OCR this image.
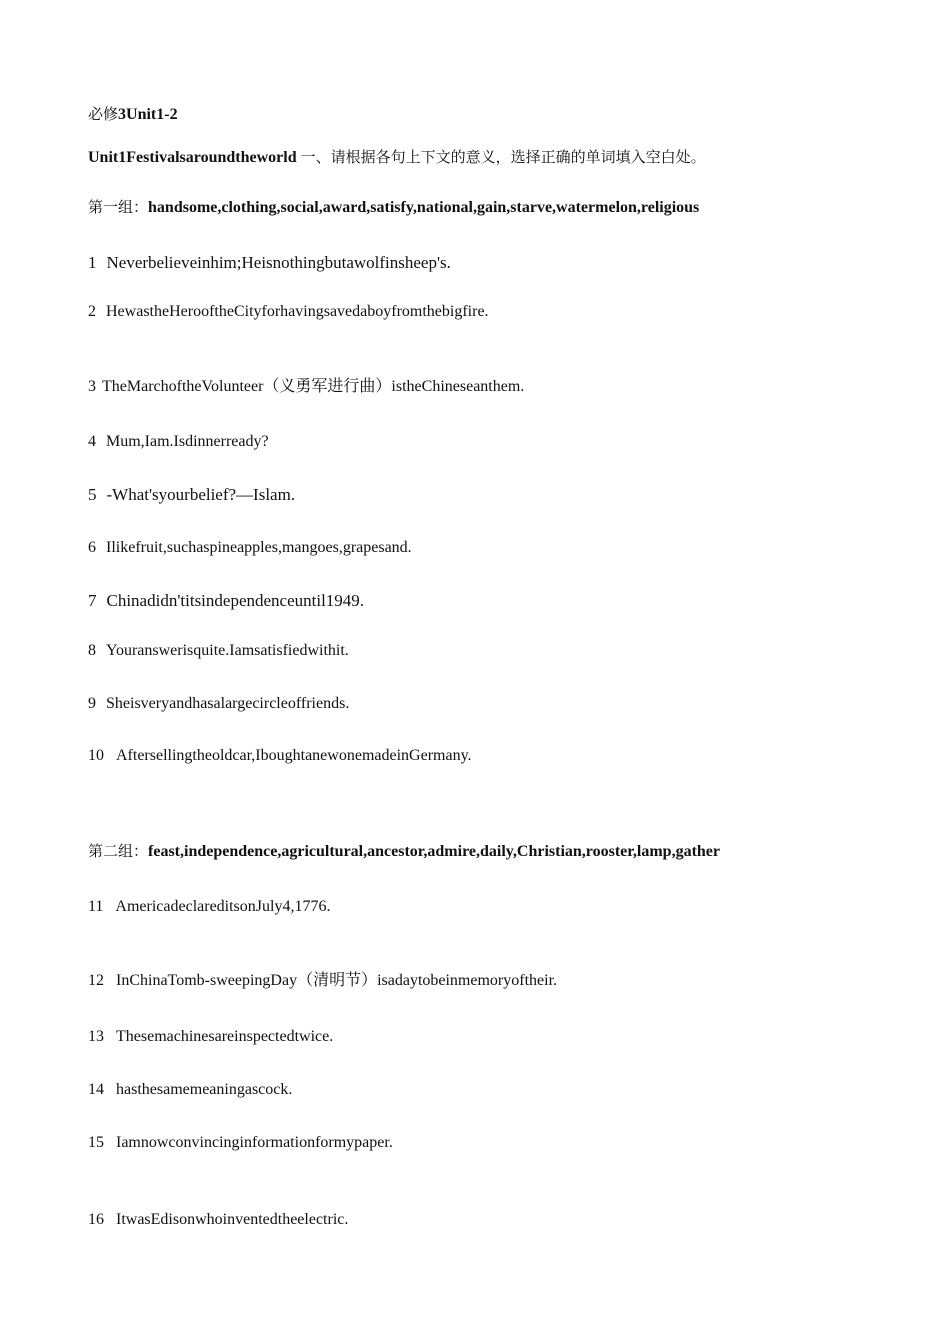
必修3Unit1-2
Unit1Festivalsaroundtheworld 一、请根据各句上下文的意义，选择正确的单词填入空白处。
第一组：handsome,clothing,social,award,satisfy,national,gain,starve,watermelon,religious
1 Neverbelieveinhim;Heisnothingbutawolfinsheep's.
2 HewastheHerooftheCityforhavingsavedaboyfromthebigfire.
3 TheMarchoftheVolunteer（义勇军进行曲）istheChineseanthem.
4 Mum,Iam.Isdinnerready?
5 -What'syourbelief?—Islam.
6 Ilikefruit,suchaspineapples,mangoes,grapesand.
7 Chinadidn'titsindependenceuntil1949.
8 Youranswerisquite.Iamsatisfiedwithit.
9 Sheisveryandhasalargecircleoffriends.
10 Aftersellingtheoldcar,IboughtanewonemadeinGermany.
第二组：feast,independence,agricultural,ancestor,admire,daily,Christian,rooster,lamp,gather
11 AmericadeclareditsonJuly4,1776.
12 InChinaTomb-sweepingDay（清明节）isadaytobeinmemoryoftheir.
13 Thesemachinesareinspectedtwice.
14 hasthesamemeaningascock.
15 Iamnowconvincinginformationformypaper.
16 ItwasEdisonwhoinventedtheelectric.
